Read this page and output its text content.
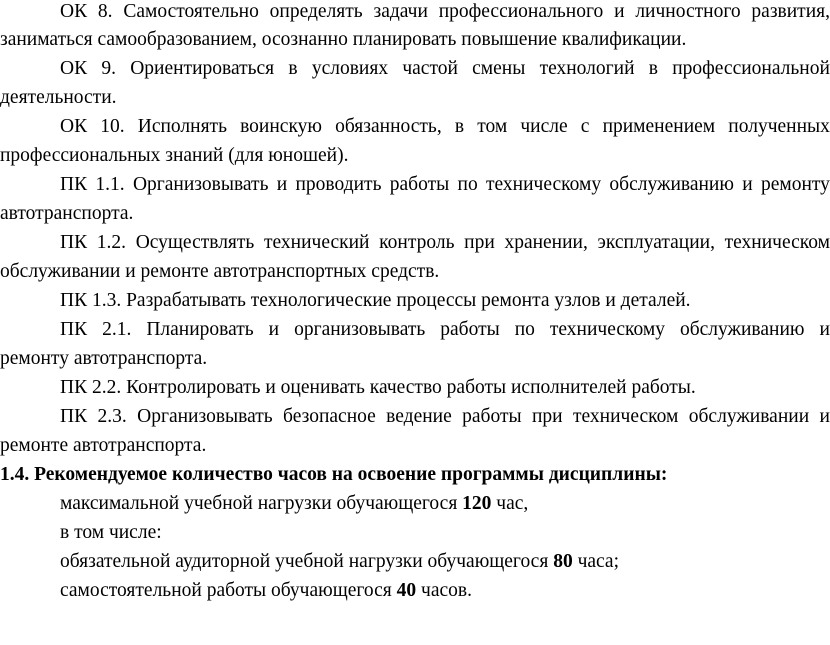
ОК 8. Самостоятельно определять задачи профессионального и личностного развития,
заниматься самообразованием, осознанно планировать повышение квалификации.
ОК 9. Ориентироваться в условиях частой смены технологий в профессиональной
деятельности.
ОК 10. Исполнять воинскую обязанность, в том числе с применением полученных
профессиональных знаний (для юношей).
ПК 1.1. Организовывать и проводить работы по техническому обслуживанию и ремонту
автотранспорта.
ПК 1.2. Осуществлять технический контроль при хранении, эксплуатации, техническом
обслуживании и ремонте автотранспортных средств.
ПК 1.3. Разрабатывать технологические процессы ремонта узлов и деталей.
ПК 2.1. Планировать и организовывать работы по техническому обслуживанию и
ремонту автотранспорта.
ПК 2.2. Контролировать и оценивать качество работы исполнителей работы.
ПК 2.3. Организовывать безопасное ведение работы при техническом обслуживании и
ремонте автотранспорта.
1.4. Рекомендуемое количество часов на освоение программы дисциплины:
максимальной учебной нагрузки обучающегося 120 час,
в том числе:
обязательной аудиторной учебной нагрузки обучающегося 80 часа;
самостоятельной работы обучающегося 40 часов.
